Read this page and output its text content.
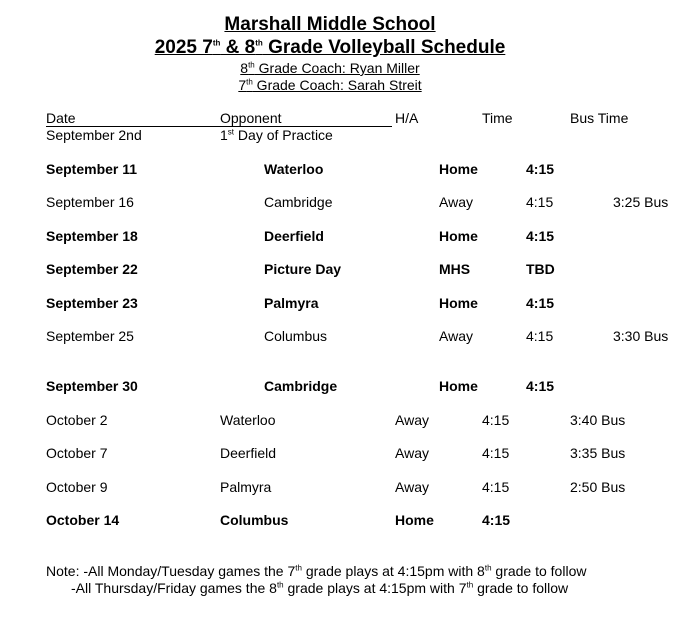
Marshall Middle School
2025 7th & 8th Grade Volleyball Schedule
8th Grade Coach: Ryan Miller
7th Grade Coach: Sarah Streit
Date	Opponent	H/A	Time	Bus Time
September 2nd	1st Day of Practice
September 11	Waterloo	Home	4:15
September 16	Cambridge	Away	4:15	3:25 Bus
September 18	Deerfield	Home	4:15
September 22	Picture Day	MHS	TBD
September 23	Palmyra	Home	4:15
September 25	Columbus	Away	4:15	3:30 Bus
September 30	Cambridge	Home	4:15
October 2	Waterloo	Away	4:15	3:40 Bus
October 7	Deerfield	Away	4:15	3:35 Bus
October 9	Palmyra	Away	4:15	2:50 Bus
October 14	Columbus	Home	4:15
Note: -All Monday/Tuesday games the 7th grade plays at 4:15pm with 8th grade to follow
-All Thursday/Friday games the 8th grade plays at 4:15pm with 7th grade to follow
